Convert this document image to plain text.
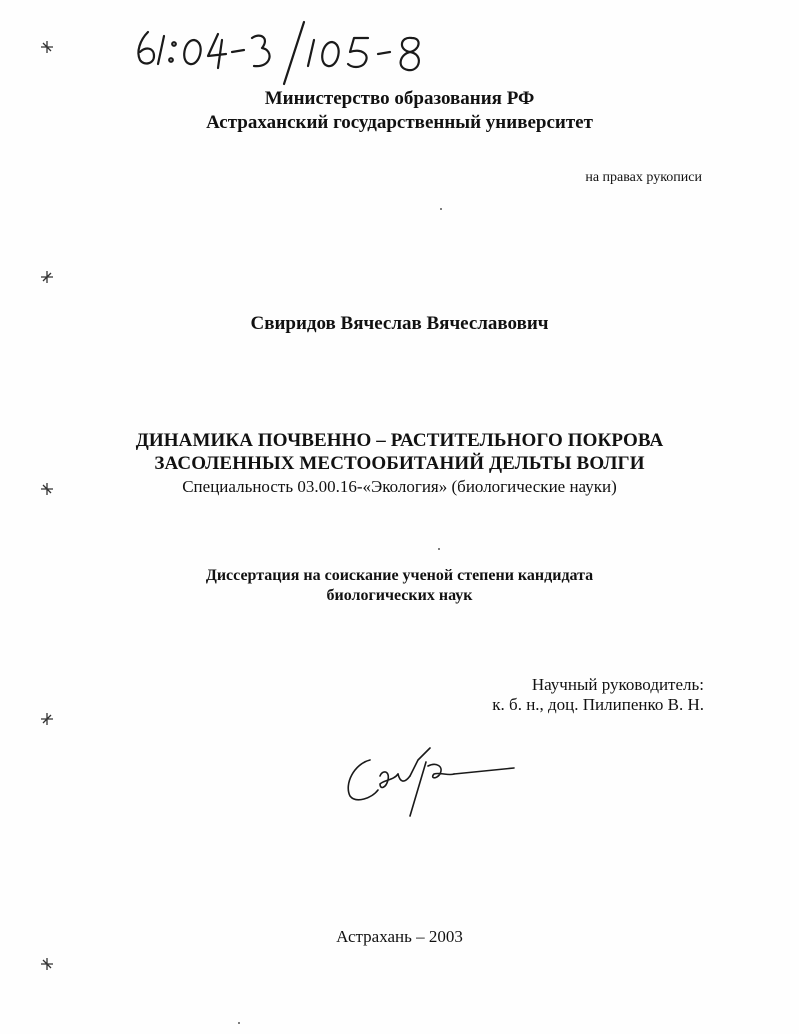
Министерство образования РФ
Астраханский государственный университет
на правах рукописи
Свиридов Вячеслав Вячеславович
ДИНАМИКА ПОЧВЕННО – РАСТИТЕЛЬНОГО ПОКРОВА
ЗАСОЛЕННЫХ МЕСТООБИТАНИЙ ДЕЛЬТЫ ВОЛГИ
Специальность 03.00.16-«Экология» (биологические науки)
Диссертация на соискание ученой степени кандидата
биологических наук
Научный руководитель:
к. б. н., доц. Пилипенко В. Н.
Астрахань – 2003
